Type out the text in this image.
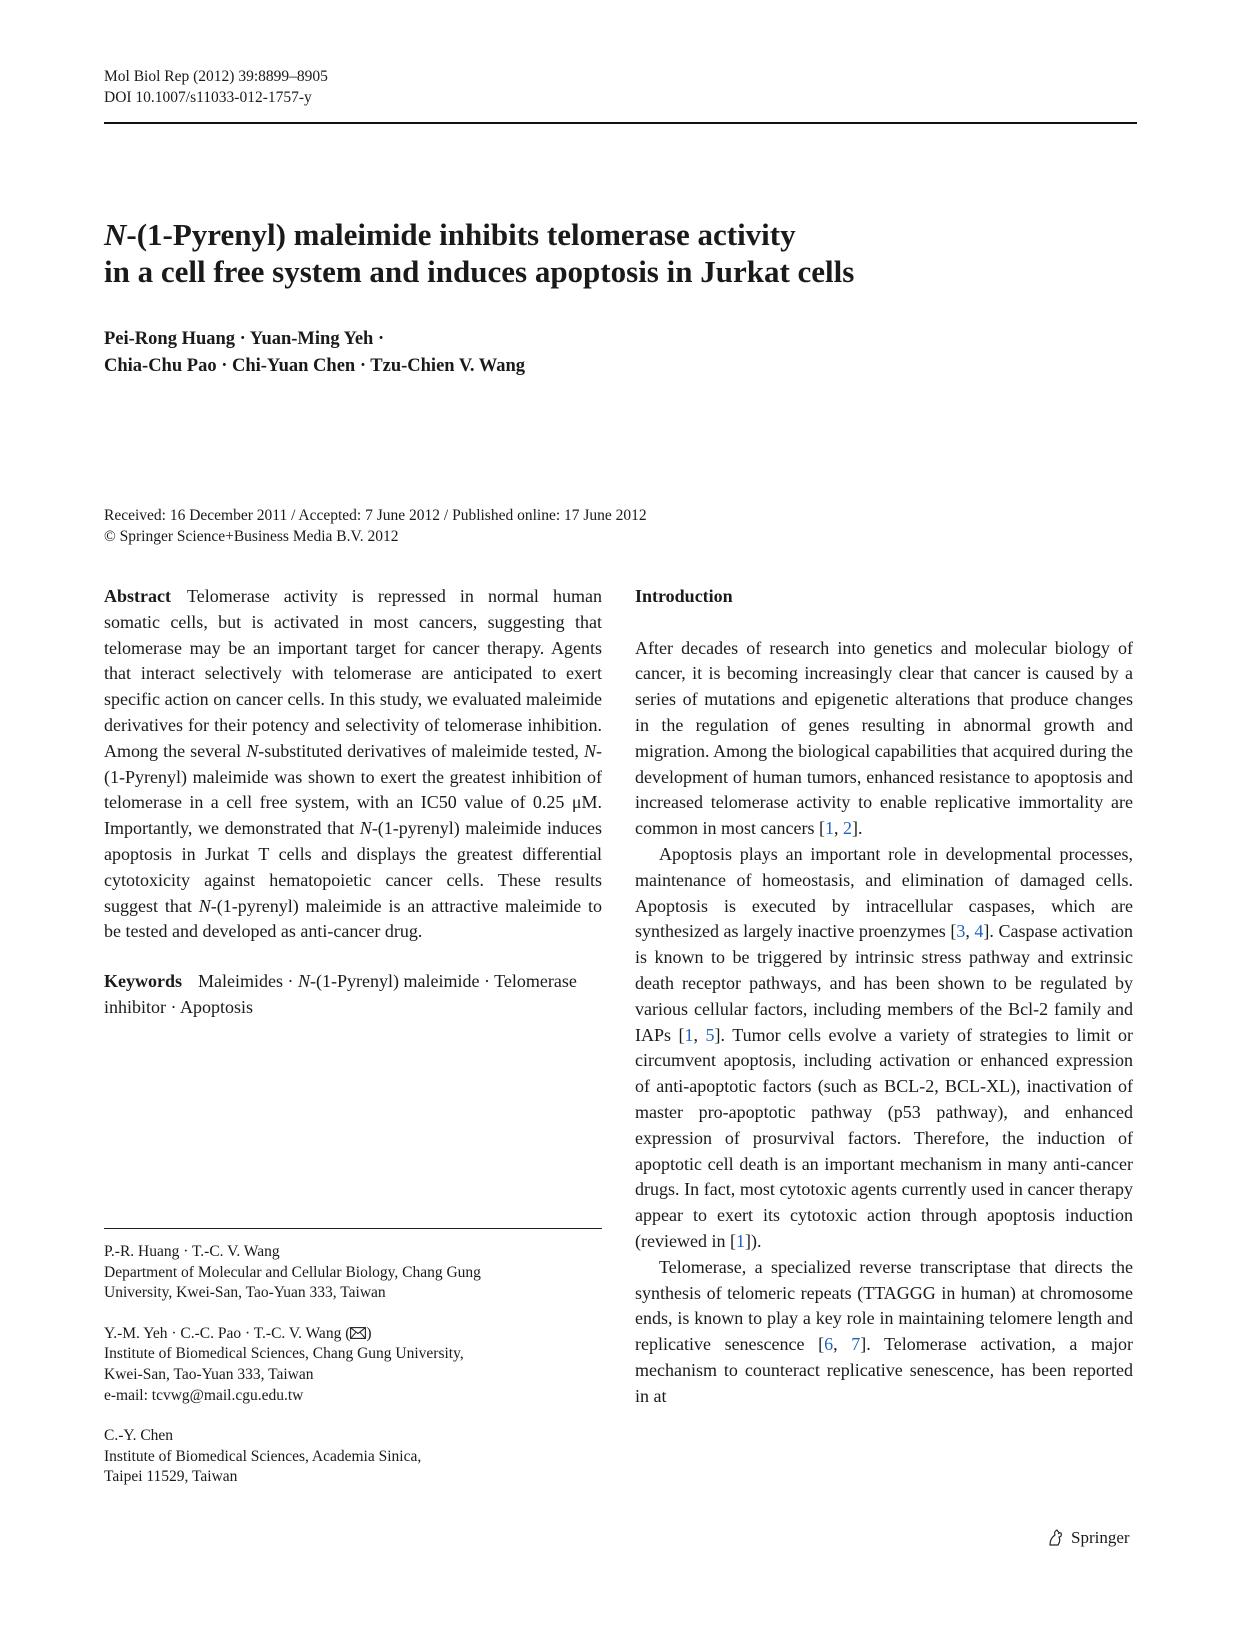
Mol Biol Rep (2012) 39:8899–8905
DOI 10.1007/s11033-012-1757-y
N-(1-Pyrenyl) maleimide inhibits telomerase activity
in a cell free system and induces apoptosis in Jurkat cells
Pei-Rong Huang · Yuan-Ming Yeh ·
Chia-Chu Pao · Chi-Yuan Chen · Tzu-Chien V. Wang
Received: 16 December 2011 / Accepted: 7 June 2012 / Published online: 17 June 2012
© Springer Science+Business Media B.V. 2012

Abstract Telomerase activity is repressed in normal human somatic cells, but is activated in most cancers, suggesting that telomerase may be an important target for cancer therapy. Agents that interact selectively with telomerase are anticipated to exert specific action on cancer cells. In this study, we evaluated maleimide derivatives for their potency and selectivity of telomerase inhibition. Among the several N-substituted derivatives of maleimide tested, N-(1-Pyrenyl) maleimide was shown to exert the greatest inhibition of telomerase in a cell free system, with an IC50 value of 0.25 μM. Importantly, we demonstrated that N-(1-pyrenyl) maleimide induces apoptosis in Jurkat T cells and displays the greatest differential cytotoxicity against hematopoietic cancer cells. These results suggest that N-(1-pyrenyl) maleimide is an attractive maleimide to be tested and developed as anti-cancer drug.

Keywords Maleimides · N-(1-Pyrenyl) maleimide · Telomerase inhibitor · Apoptosis

P.-R. Huang · T.-C. V. Wang
Department of Molecular and Cellular Biology, Chang Gung
University, Kwei-San, Tao-Yuan 333, Taiwan
Y.-M. Yeh · C.-C. Pao · T.-C. V. Wang ( )
Institute of Biomedical Sciences, Chang Gung University,
Kwei-San, Tao-Yuan 333, Taiwan
e-mail: tcvwg@mail.cgu.edu.tw
C.-Y. Chen
Institute of Biomedical Sciences, Academia Sinica,
Taipei 11529, Taiwan
Introduction

After decades of research into genetics and molecular biology of cancer, it is becoming increasingly clear that cancer is caused by a series of mutations and epigenetic alterations that produce changes in the regulation of genes resulting in abnormal growth and migration. Among the biological capabilities that acquired during the development of human tumors, enhanced resistance to apoptosis and increased telomerase activity to enable replicative immortality are common in most cancers [1, 2].

Apoptosis plays an important role in developmental processes, maintenance of homeostasis, and elimination of damaged cells. Apoptosis is executed by intracellular caspases, which are synthesized as largely inactive proenzymes [3, 4]. Caspase activation is known to be triggered by intrinsic stress pathway and extrinsic death receptor pathways, and has been shown to be regulated by various cellular factors, including members of the Bcl-2 family and IAPs [1, 5]. Tumor cells evolve a variety of strategies to limit or circumvent apoptosis, including activation or enhanced expression of anti-apoptotic factors (such as BCL-2, BCL-XL), inactivation of master pro-apoptotic pathway (p53 pathway), and enhanced expression of prosurvival factors. Therefore, the induction of apoptotic cell death is an important mechanism in many anti-cancer drugs. In fact, most cytotoxic agents currently used in cancer therapy appear to exert its cytotoxic action through apoptosis induction (reviewed in [1]).

Telomerase, a specialized reverse transcriptase that directs the synthesis of telomeric repeats (TTAGGG in human) at chromosome ends, is known to play a key role in maintaining telomere length and replicative senescence [6, 7]. Telomerase activation, a major mechanism to counteract replicative senescence, has been reported in at

Springer
